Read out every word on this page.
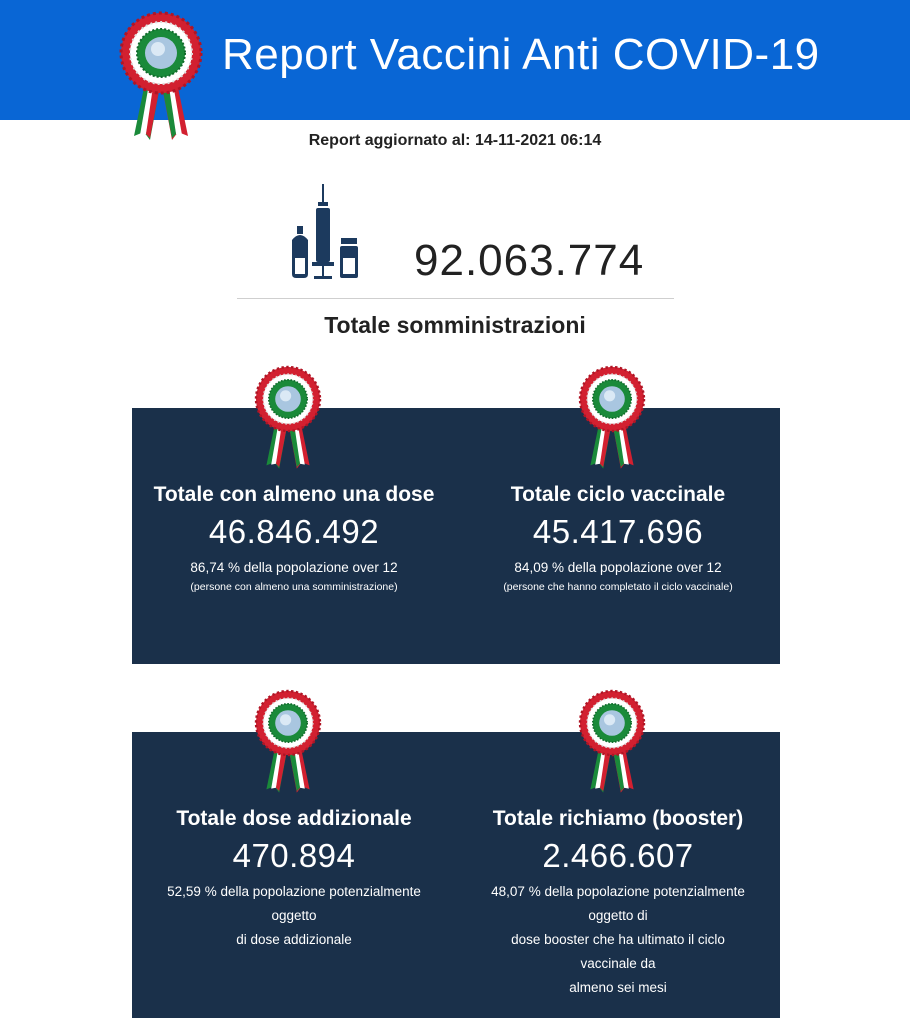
Report Vaccini Anti COVID-19
Report aggiornato al: 14-11-2021 06:14
92.063.774
Totale somministrazioni
Totale con almeno una dose
46.846.492
86,74 % della popolazione over 12
(persone con almeno una somministrazione)
Totale ciclo vaccinale
45.417.696
84,09 % della popolazione over 12
(persone che hanno completato il ciclo vaccinale)
Totale dose addizionale
470.894
52,59 % della popolazione potenzialmente
oggetto
di dose addizionale
Totale richiamo (booster)
2.466.607
48,07 % della popolazione potenzialmente
oggetto di
dose booster che ha ultimato il ciclo
vaccinale da
almeno sei mesi
